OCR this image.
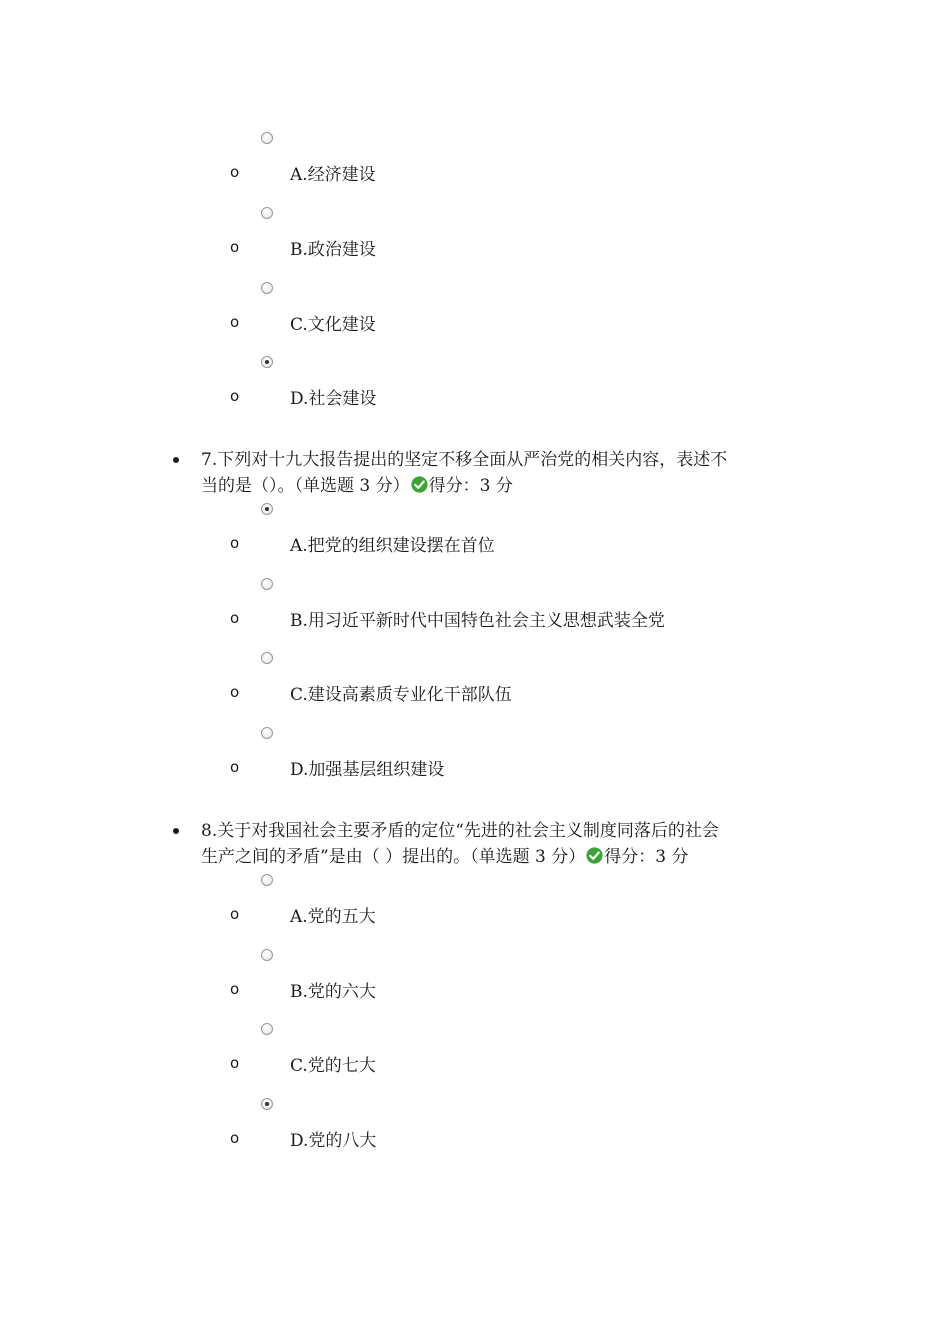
o	A.经济建设
o	B.政治建设
o	C.文化建设
o	D.社会建设
7.下列对十九大报告提出的坚定不移全面从严治党的相关内容，表述不
当的是（）。（单选题 3 分） 得分：3 分
o	A.把党的组织建设摆在首位
o	B.用习近平新时代中国特色社会主义思想武装全党
o	C.建设高素质专业化干部队伍
o	D.加强基层组织建设
8.关于对我国社会主要矛盾的定位“先进的社会主义制度同落后的社会
生产之间的矛盾”是由（ ）提出的。（单选题 3 分） 得分：3 分
o	A.党的五大
o	B.党的六大
o	C.党的七大
o	D.党的八大
